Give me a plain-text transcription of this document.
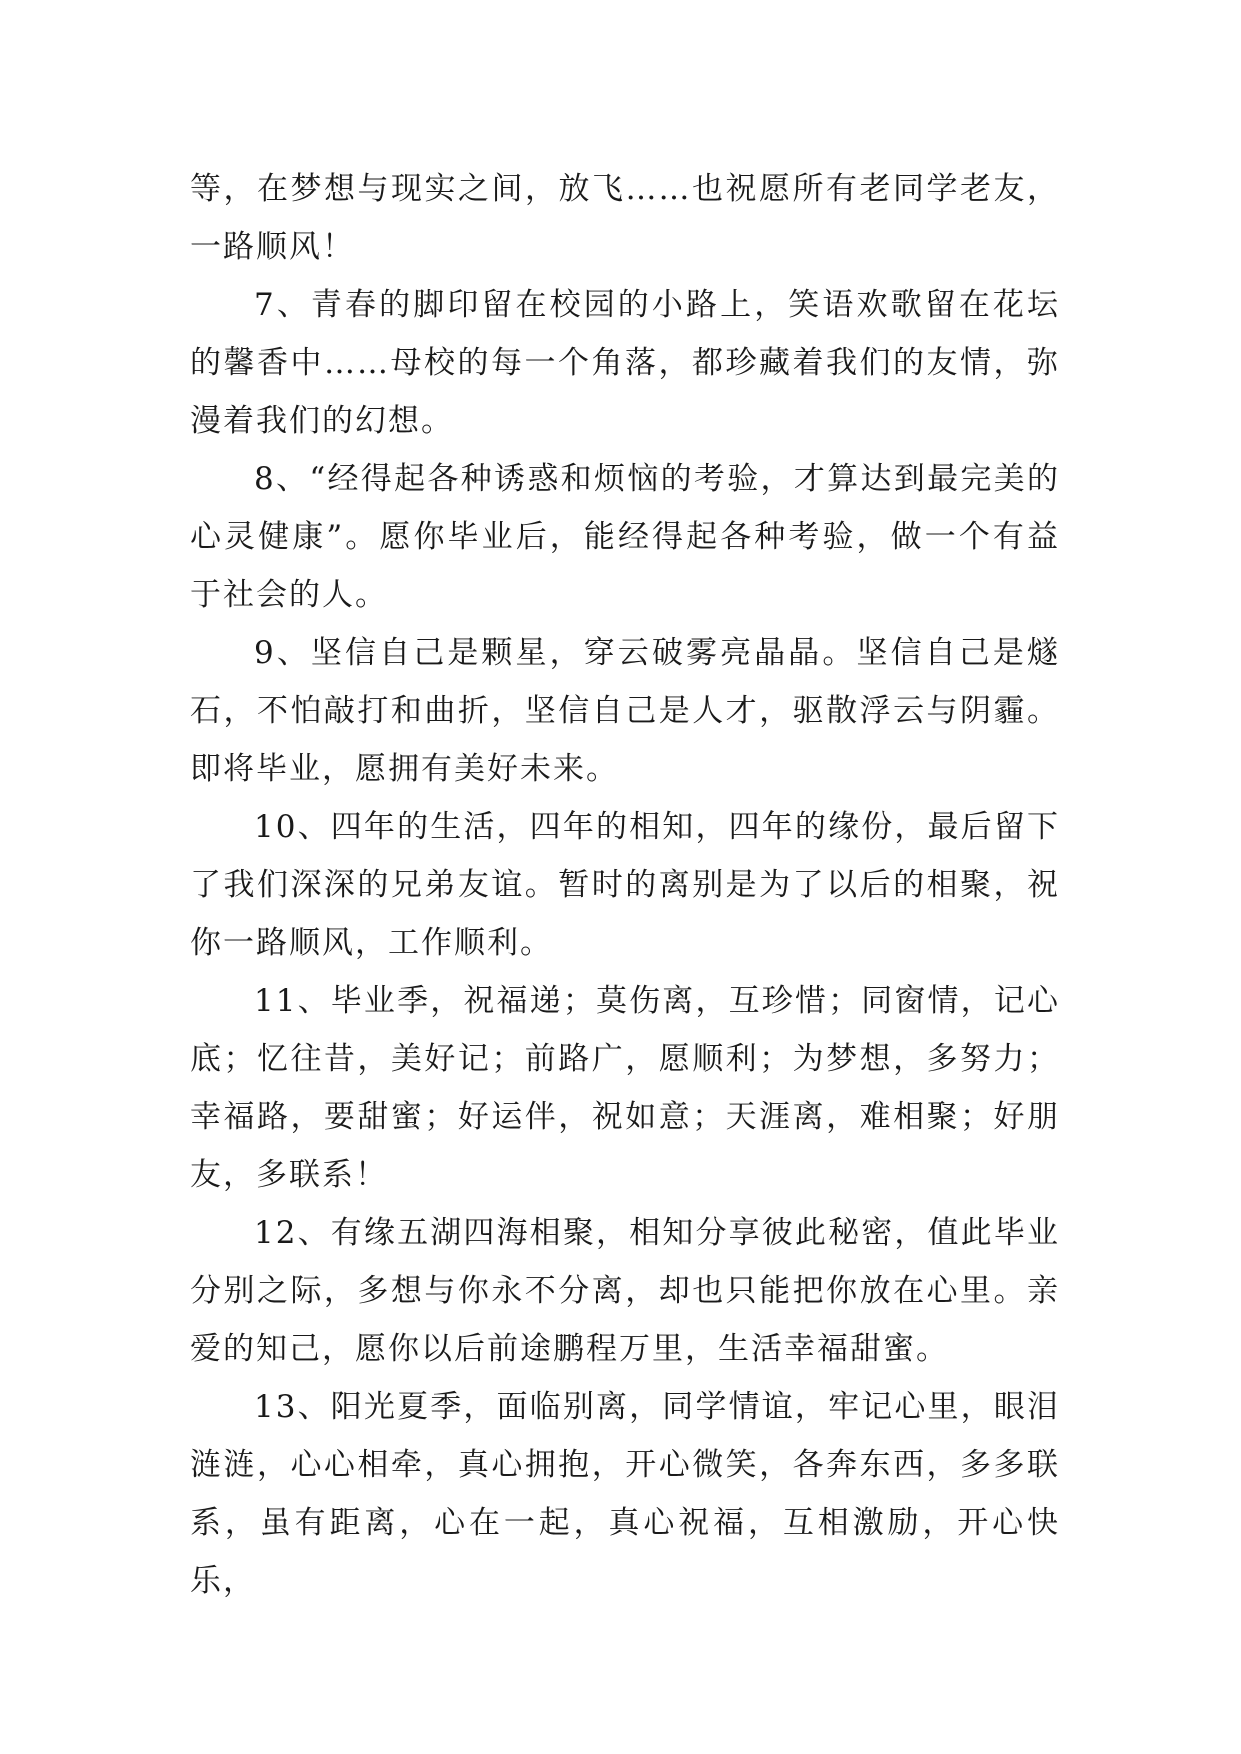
等，在梦想与现实之间，放飞……也祝愿所有老同学老友，一路顺风！

7、青春的脚印留在校园的小路上，笑语欢歌留在花坛的馨香中……母校的每一个角落，都珍藏着我们的友情，弥漫着我们的幻想。

8、“经得起各种诱惑和烦恼的考验，才算达到最完美的心灵健康”。愿你毕业后，能经得起各种考验，做一个有益于社会的人。

9、坚信自己是颗星，穿云破雾亮晶晶。坚信自己是燧石，不怕敲打和曲折，坚信自己是人才，驱散浮云与阴霾。即将毕业，愿拥有美好未来。

10、四年的生活，四年的相知，四年的缘份，最后留下了我们深深的兄弟友谊。暂时的离别是为了以后的相聚，祝你一路顺风，工作顺利。

11、毕业季，祝福递；莫伤离，互珍惜；同窗情，记心底；忆往昔，美好记；前路广，愿顺利；为梦想，多努力；幸福路，要甜蜜；好运伴，祝如意；天涯离，难相聚；好朋友，多联系！

12、有缘五湖四海相聚，相知分享彼此秘密，值此毕业分别之际，多想与你永不分离，却也只能把你放在心里。亲爱的知己，愿你以后前途鹏程万里，生活幸福甜蜜。

13、阳光夏季，面临别离，同学情谊，牢记心里，眼泪涟涟，心心相牵，真心拥抱，开心微笑，各奔东西，多多联系，虽有距离，心在一起，真心祝福，互相激励，开心快乐，
